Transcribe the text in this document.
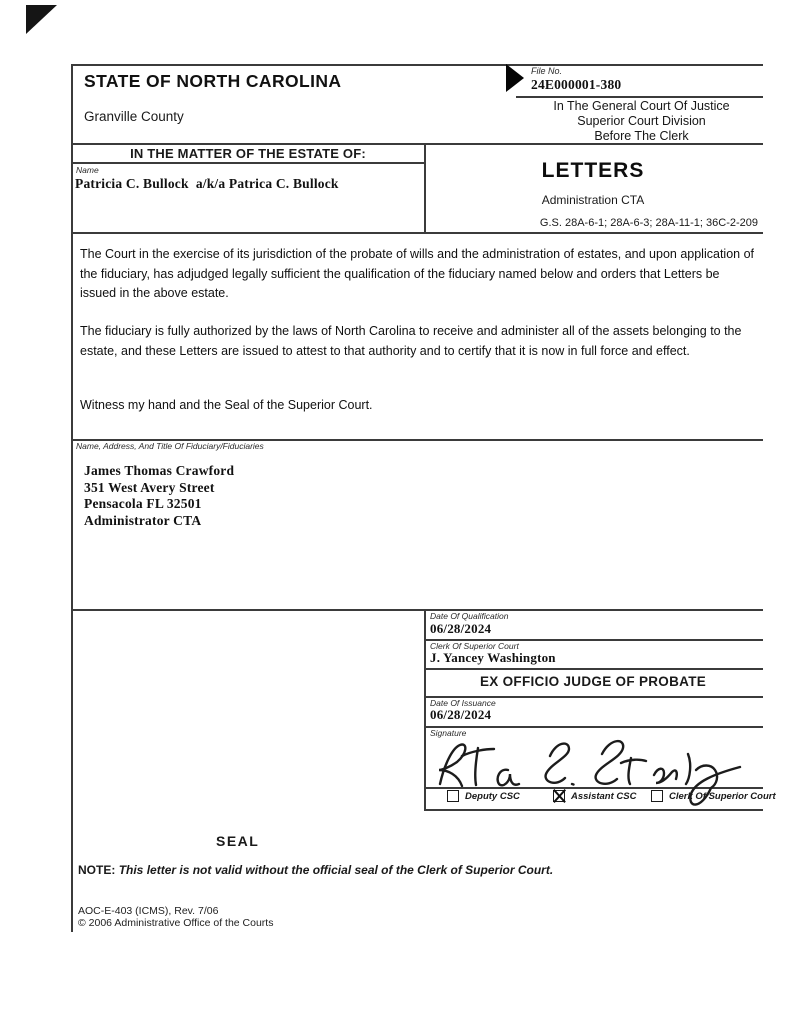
STATE OF NORTH CAROLINA
Granville County
File No.
24E000001-380
In The General Court Of Justice
Superior Court Division
Before The Clerk
IN THE MATTER OF THE ESTATE OF:
Name
Patricia C. Bullock  a/k/a Patrica C. Bullock
LETTERS
Administration CTA
G.S. 28A-6-1; 28A-6-3; 28A-11-1; 36C-2-209
The Court in the exercise of its jurisdiction of the probate of wills and the administration of estates, and upon application of the fiduciary, has adjudged legally sufficient the qualification of the fiduciary named below and orders that Letters be issued in the above estate.
The fiduciary is fully authorized by the laws of North Carolina to receive and administer all of the assets belonging to the estate, and these Letters are issued to attest to that authority and to certify that it is now in full force and effect.
Witness my hand and the Seal of the Superior Court.
Name, Address, And Title Of Fiduciary/Fiduciaries
James Thomas Crawford
351 West Avery Street
Pensacola FL 32501
Administrator CTA
Date Of Qualification
06/28/2024
Clerk Of Superior Court
J. Yancey Washington
EX OFFICIO JUDGE OF PROBATE
Date Of Issuance
06/28/2024
Signature
Deputy CSC	Assistant CSC	Clerk Of Superior Court
SEAL
NOTE: This letter is not valid without the official seal of the Clerk of Superior Court.
AOC-E-403 (ICMS), Rev. 7/06
© 2006 Administrative Office of the Courts
